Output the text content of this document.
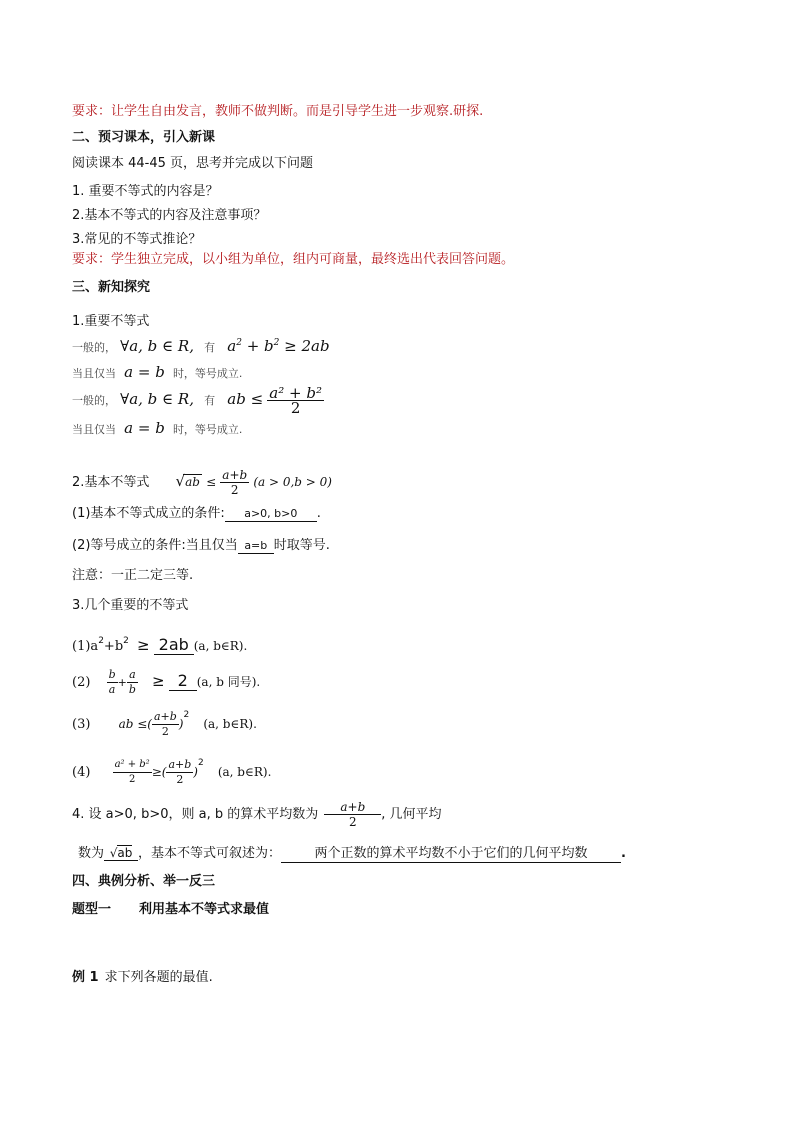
要求：让学生自由发言，教师不做判断。而是引导学生进一步观察.研探.
二、预习课本，引入新课
阅读课本 44-45 页，思考并完成以下问题
1. 重要不等式的内容是？
2.基本不等式的内容及注意事项？
3.常见的不等式推论？
要求：学生独立完成，以小组为单位，组内可商量，最终选出代表回答问题。
三、新知探究
1.重要不等式
一般的， ∀a, b ∈ R, 有 $a^2 + b^2 \ge 2ab$
当且仅当 a = b 时，等号成立.
一般的， ∀a, b ∈ R, 有 ab ≤ $\frac{\text{a² + b²}}{2}$
当且仅当 a = b 时，等号成立.
2.基本不等式 $√ab \le \frac{a+b}{2} (a > 0,b > 0)$
(1)基本不等式成立的条件: a>0, b>0 .
(2)等号成立的条件:当且仅当 a=b 时取等号.
注意：一正二定三等.
3.几个重要的不等式
$(1)a^2+b^2 \ge 2ab$ (a, b∈R).
$(2) \frac{b}{a} + \frac{a}{b} \ge 2$ (a, b 同号).
(3) ab ≤( $\frac{a+b}{2} )^2$ (a, b∈R).
$(4) \frac{\text{a² + b²}}{2}$ ≥( $\frac{a+b}{2} )^2$ (a, b∈R).
4. 设 a>0, b>0，则 a, b 的算术平均数为 $\frac{a+b}{2}$ , 几何平均
数为 √ab ，基本不等式可叙述为：	两个正数的算术平均数不小于它们的几何平均数	.
四、典例分析、举一反三
题型一 利用基本不等式求最值
例 1 求下列各题的最值.
